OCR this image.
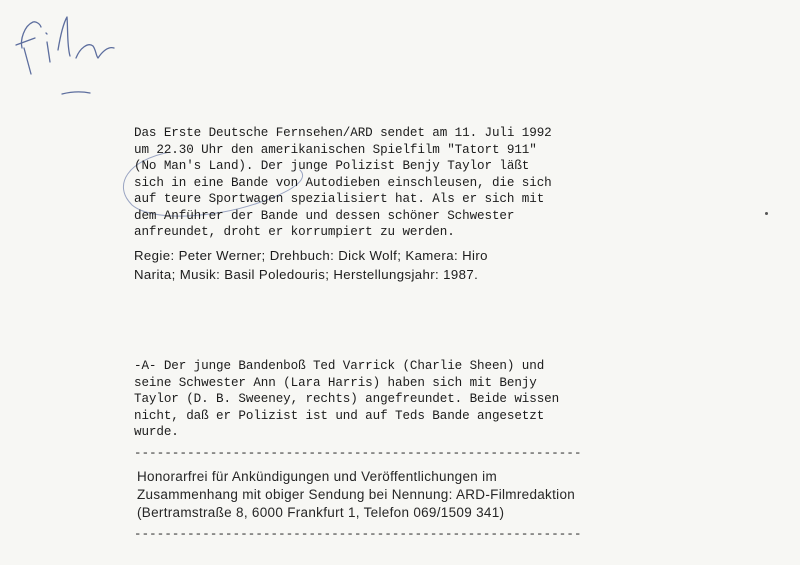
Das Erste Deutsche Fernsehen/ARD sendet am 11. Juli 1992
um 22.30 Uhr den amerikanischen Spielfilm "Tatort 911"
(No Man's Land). Der junge Polizist Benjy Taylor läßt
sich in eine Bande von Autodieben einschleusen, die sich
auf teure Sportwagen spezialisiert hat. Als er sich mit
dem Anführer der Bande und dessen schöner Schwester
anfreundet, droht er korrumpiert zu werden.
Regie: Peter Werner; Drehbuch: Dick Wolf; Kamera: Hiro
Narita; Musik: Basil Poledouris; Herstellungsjahr: 1987.
-A- Der junge Bandenboß Ted Varrick (Charlie Sheen) und
seine Schwester Ann (Lara Harris) haben sich mit Benjy
Taylor (D. B. Sweeney, rechts) angefreundet. Beide wissen
nicht, daß er Polizist ist und auf Teds Bande angesetzt
wurde.
-----------------------------------------------------------
Honorarfrei für Ankündigungen und Veröffentlichungen im
Zusammenhang mit obiger Sendung bei Nennung: ARD-Filmredaktion
(Bertramstraße 8, 6000 Frankfurt 1, Telefon 069/1509 341)
-----------------------------------------------------------
